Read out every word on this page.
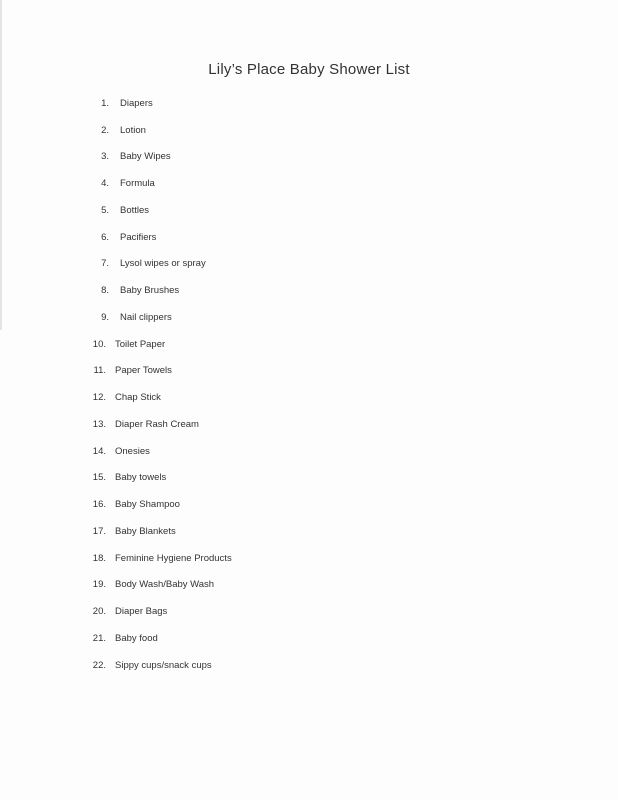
Lily’s Place Baby Shower List
1. Diapers
2. Lotion
3. Baby Wipes
4. Formula
5. Bottles
6. Pacifiers
7. Lysol wipes or spray
8. Baby Brushes
9. Nail clippers
10. Toilet Paper
11. Paper Towels
12. Chap Stick
13. Diaper Rash Cream
14. Onesies
15. Baby towels
16. Baby Shampoo
17. Baby Blankets
18. Feminine Hygiene Products
19. Body Wash/Baby Wash
20. Diaper Bags
21. Baby food
22. Sippy cups/snack cups
